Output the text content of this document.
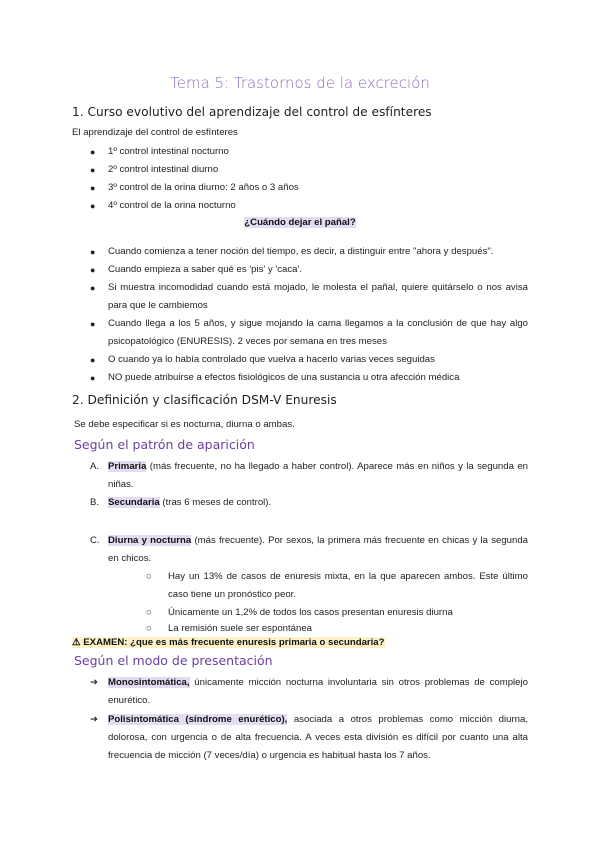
Tema 5: Trastornos de la excreción
1. Curso evolutivo del aprendizaje del control de esfínteres
El aprendizaje del control de esfínteres
● 1º control intestinal nocturno
● 2º control intestinal diurno
● 3º control de la orina diurno: 2 años o 3 años
● 4º control de la orina nocturno
¿Cuándo dejar el pañal?
● Cuando comienza a tener noción del tiempo, es decir, a distinguir entre "ahora y después".
● Cuando empieza a saber qué es 'pis' y 'caca'.
● Si muestra incomodidad cuando está mojado, le molesta el pañal, quiere quitárselo o nos avisa para que le cambiemos
● Cuando llega a los 5 años, y sigue mojando la cama llegamos a la conclusión de que hay algo psicopatológico (ENURESIS). 2 veces por semana en tres meses
● O cuando ya lo había controlado que vuelva a hacerlo varias veces seguidas
● NO puede atribuirse a efectos fisiológicos de una sustancia u otra afección médica
2. Definición y clasificación DSM-V Enuresis
Se debe especificar si es nocturna, diurna o ambas.
Según el patrón de aparición
A. Primaria (más frecuente, no ha llegado a haber control). Aparece más en niños y la segunda en niñas.
B. Secundaria (tras 6 meses de control).
C. Diurna y nocturna (más frecuente). Por sexos, la primera más frecuente en chicas y la segunda en chicos.
○ Hay un 13% de casos de enuresis mixta, en la que aparecen ambos. Este último caso tiene un pronóstico peor.
○ Únicamente un 1,2% de todos los casos presentan enuresis diurna
○ La remisión suele ser espontánea
⚠ EXAMEN: ¿que es más frecuente enuresis primaria o secundaria?
Según el modo de presentación
➔ Monosintomática, únicamente micción nocturna involuntaria sin otros problemas de complejo enurético.
➔ Polisintomática (síndrome enurético), asociada a otros problemas como micción diurna, dolorosa, con urgencia o de alta frecuencia. A veces esta división es difícil por cuanto una alta frecuencia de micción (7 veces/día) o urgencia es habitual hasta los 7 años.
